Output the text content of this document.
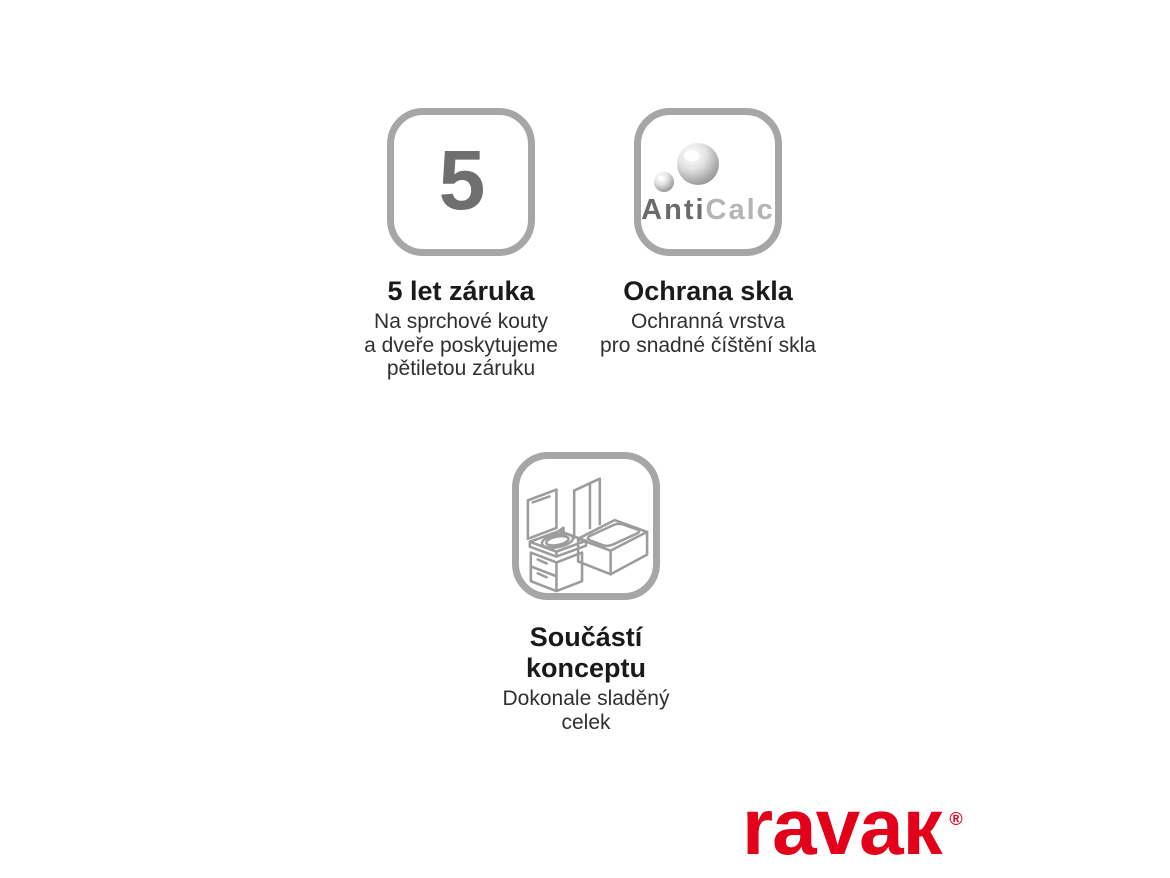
5
5 let záruka

Na sprchové kouty
a dveře poskytujeme
pětiletou záruku

AntiCalc
Ochrana skla

Ochranná vrstva
pro snadné číštění skla

Součástí
konceptu

Dokonale sladěný
celek

ravaк ®
